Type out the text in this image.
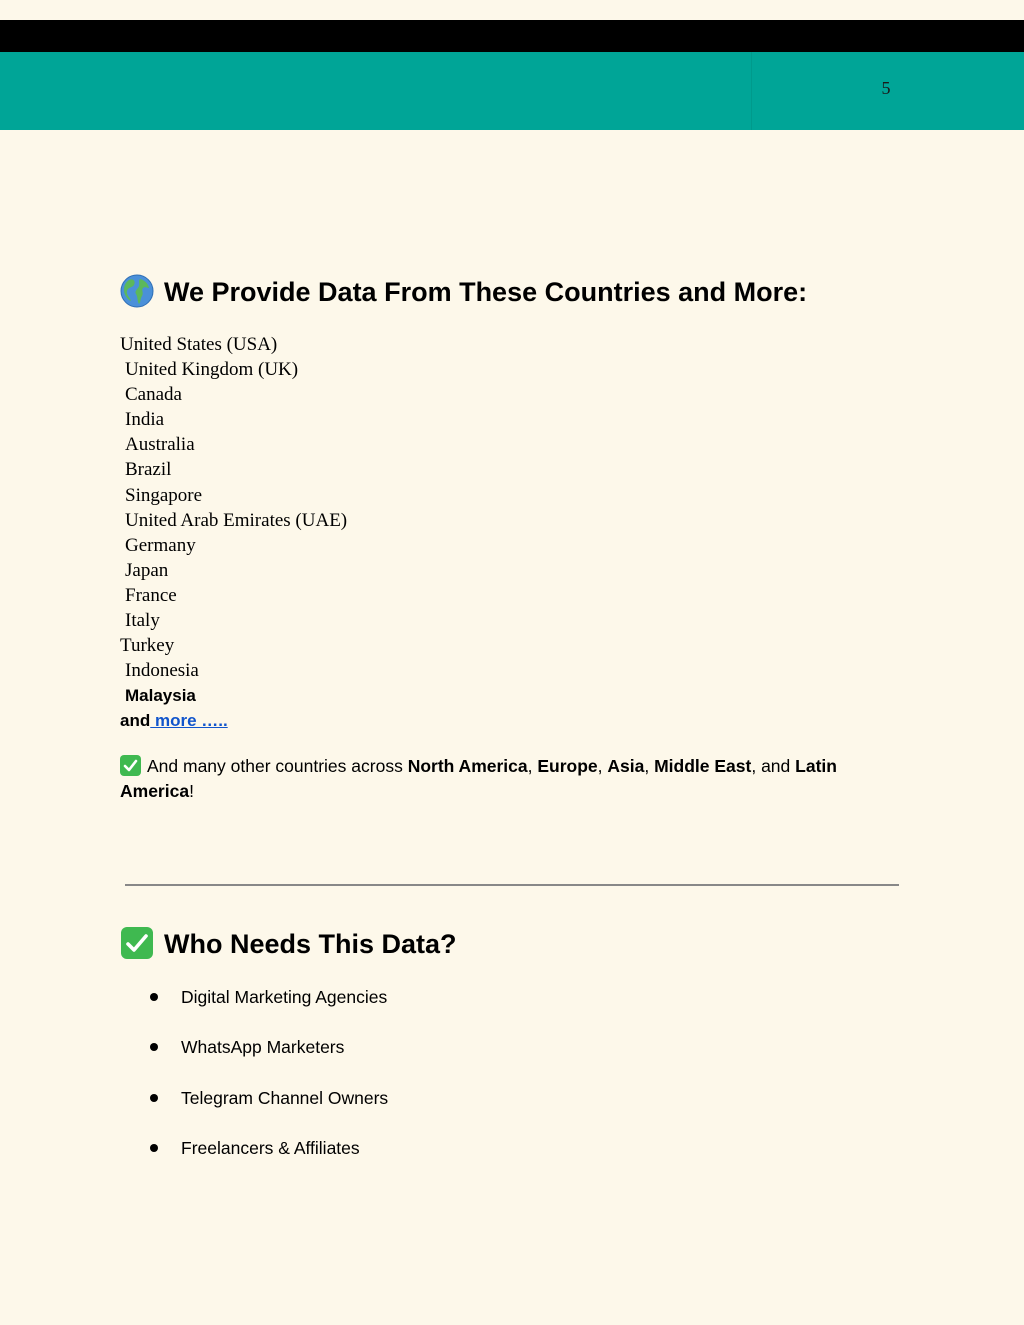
5
We Provide Data From These Countries and More:
United States (USA)
United Kingdom (UK)
Canada
India
Australia
Brazil
Singapore
United Arab Emirates (UAE)
Germany
Japan
France
Italy
Turkey
Indonesia
Malaysia
and more …..

And many other countries across North America, Europe, Asia, Middle East, and Latin America!

Who Needs This Data?
Digital Marketing Agencies
WhatsApp Marketers
Telegram Channel Owners
Freelancers & Affiliates
